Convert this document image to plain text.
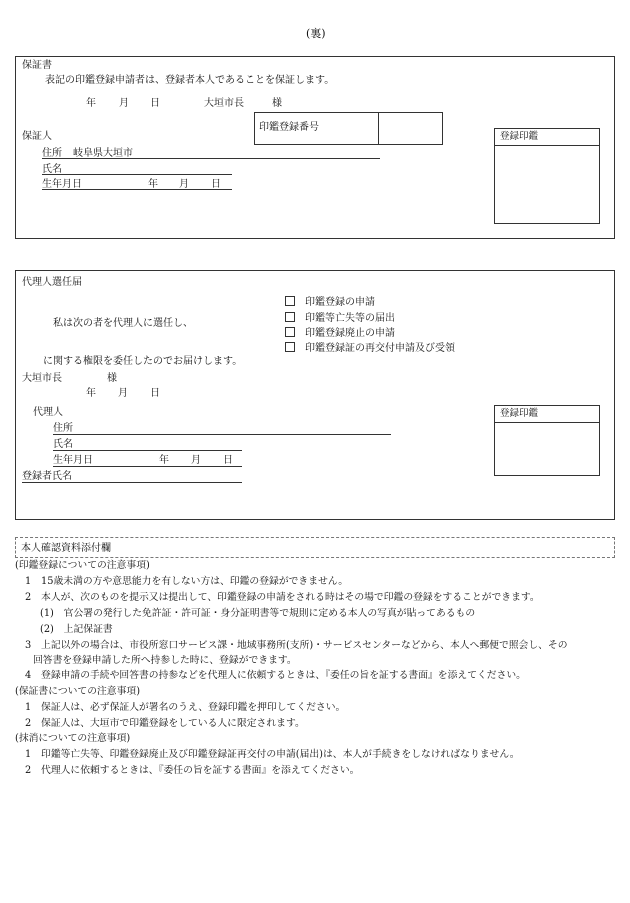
(裏)
保証書
表記の印鑑登録申請者は、登録者本人であることを保証します。
年 月 日	大垣市長	様
印鑑登録番号
保証人
住所 岐阜県大垣市
氏名
生年月日	年 月 日
登録印鑑
代理人選任届
印鑑登録の申請
印鑑等亡失等の届出
印鑑登録廃止の申請
印鑑登録証の再交付申請及び受領
私は次の者を代理人に選任し、
に関する権限を委任したのでお届けします。
大垣市長	様
年 月 日
代理人
住所
氏名
生年月日	年 月 日
登録者氏名
登録印鑑
本人確認資料添付欄
(印鑑登録についての注意事項)
1　15歳未満の方や意思能力を有しない方は、印鑑の登録ができません。
2　本人が、次のものを提示又は提出して、印鑑登録の申請をされる時はその場で印鑑の登録をすることができます。
(1)　官公署の発行した免許証・許可証・身分証明書等で規則に定める本人の写真が貼ってあるもの
(2)　上記保証書
3　上記以外の場合は、市役所窓口サービス課・地域事務所(支所)・サービスセンターなどから、本人へ郵便で照会し、その
回答書を登録申請した所へ持参した時に、登録ができます。
4　登録申請の手続や回答書の持参などを代理人に依頼するときは、『委任の旨を証する書面』を添えてください。
(保証書についての注意事項)
1　保証人は、必ず保証人が署名のうえ、登録印鑑を押印してください。
2　保証人は、大垣市で印鑑登録をしている人に限定されます。
(抹消についての注意事項)
1　印鑑等亡失等、印鑑登録廃止及び印鑑登録証再交付の申請(届出)は、本人が手続きをしなければなりません。
2　代理人に依頼するときは、『委任の旨を証する書面』を添えてください。
